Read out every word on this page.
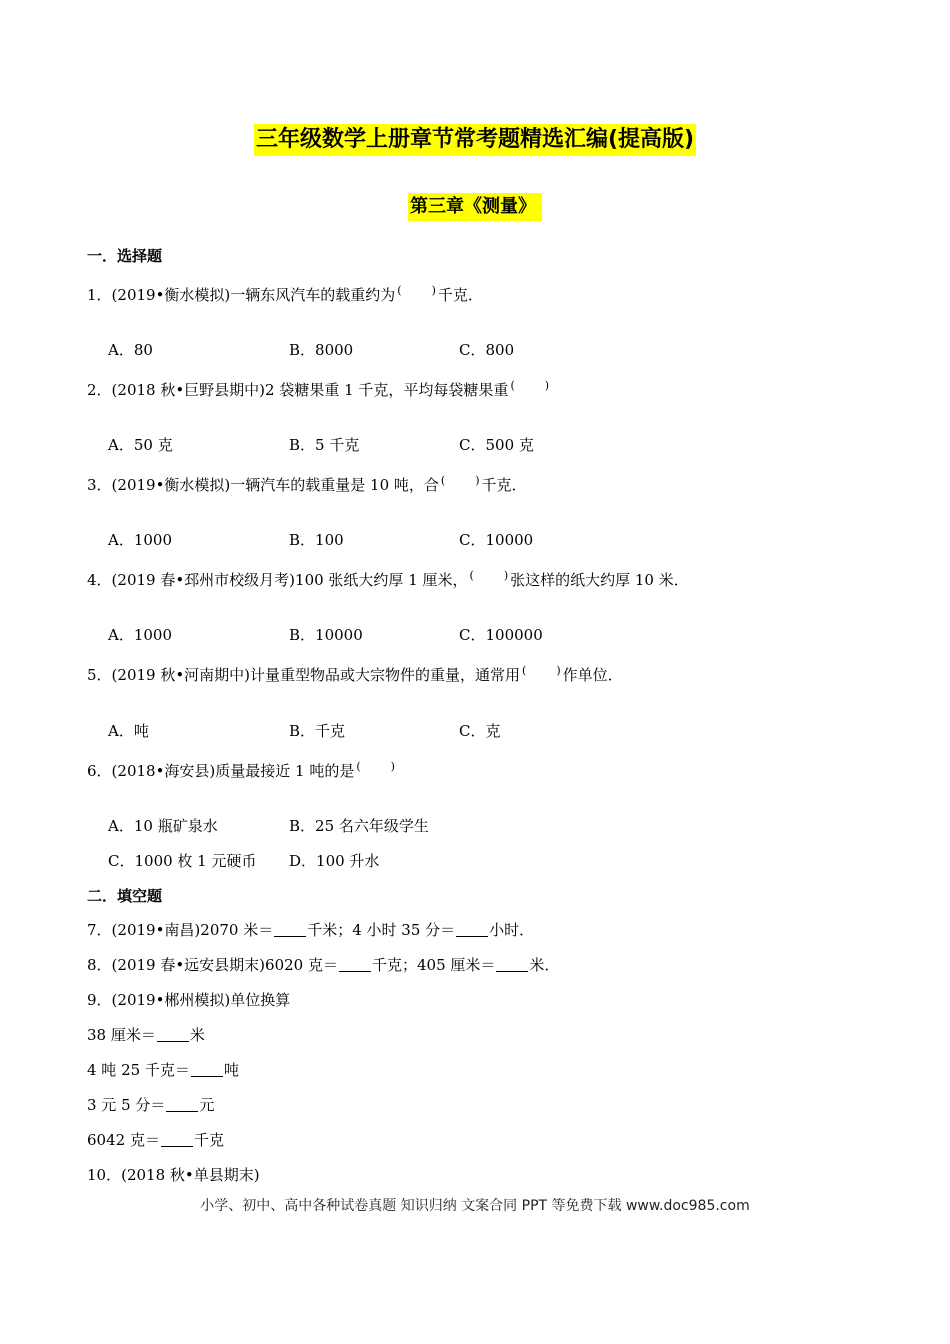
三年级数学上册章节常考题精选汇编(提高版)
第三章《测量》
一．选择题
1．(2019•衡水模拟)一辆东风汽车的载重约为 (	) 千克．
A．80	B．8000	C．800
2．(2018 秋•巨野县期中)2 袋糖果重 1 千克，平均每袋糖果重 (	)
A．50 克	B．5 千克	C．500 克
3．(2019•衡水模拟)一辆汽车的载重量是 10 吨，合 (	) 千克．
A．1000	B．100	C．10000
4．(2019 春•邳州市校级月考)100 张纸大约厚 1 厘米， (	) 张这样的纸大约厚 10 米．
A．1000	B．10000	C．100000
5．(2019 秋•河南期中)计量重型物品或大宗物件的重量，通常用 (	) 作单位．
A．吨	B．千克	C．克
6．(2018•海安县)质量最接近 1 吨的是 (	)
A．10 瓶矿泉水	B．25 名六年级学生
C．1000 枚 1 元硬币 D．100 升水
二．填空题
7．(2019•南昌)2070 米＝ 千米；4 小时 35 分＝ 小时．
8．(2019 春•远安县期末)6020 克＝ 千克；405 厘米＝ 米．
9．(2019•郴州模拟)单位换算
38 厘米＝ 米
4 吨 25 千克＝ 吨
3 元 5 分＝ 元
6042 克＝ 千克
10．(2018 秋•单县期末)
小学、初中、高中各种试卷真题 知识归纳 文案合同 PPT 等免费下载 www.doc985.com
